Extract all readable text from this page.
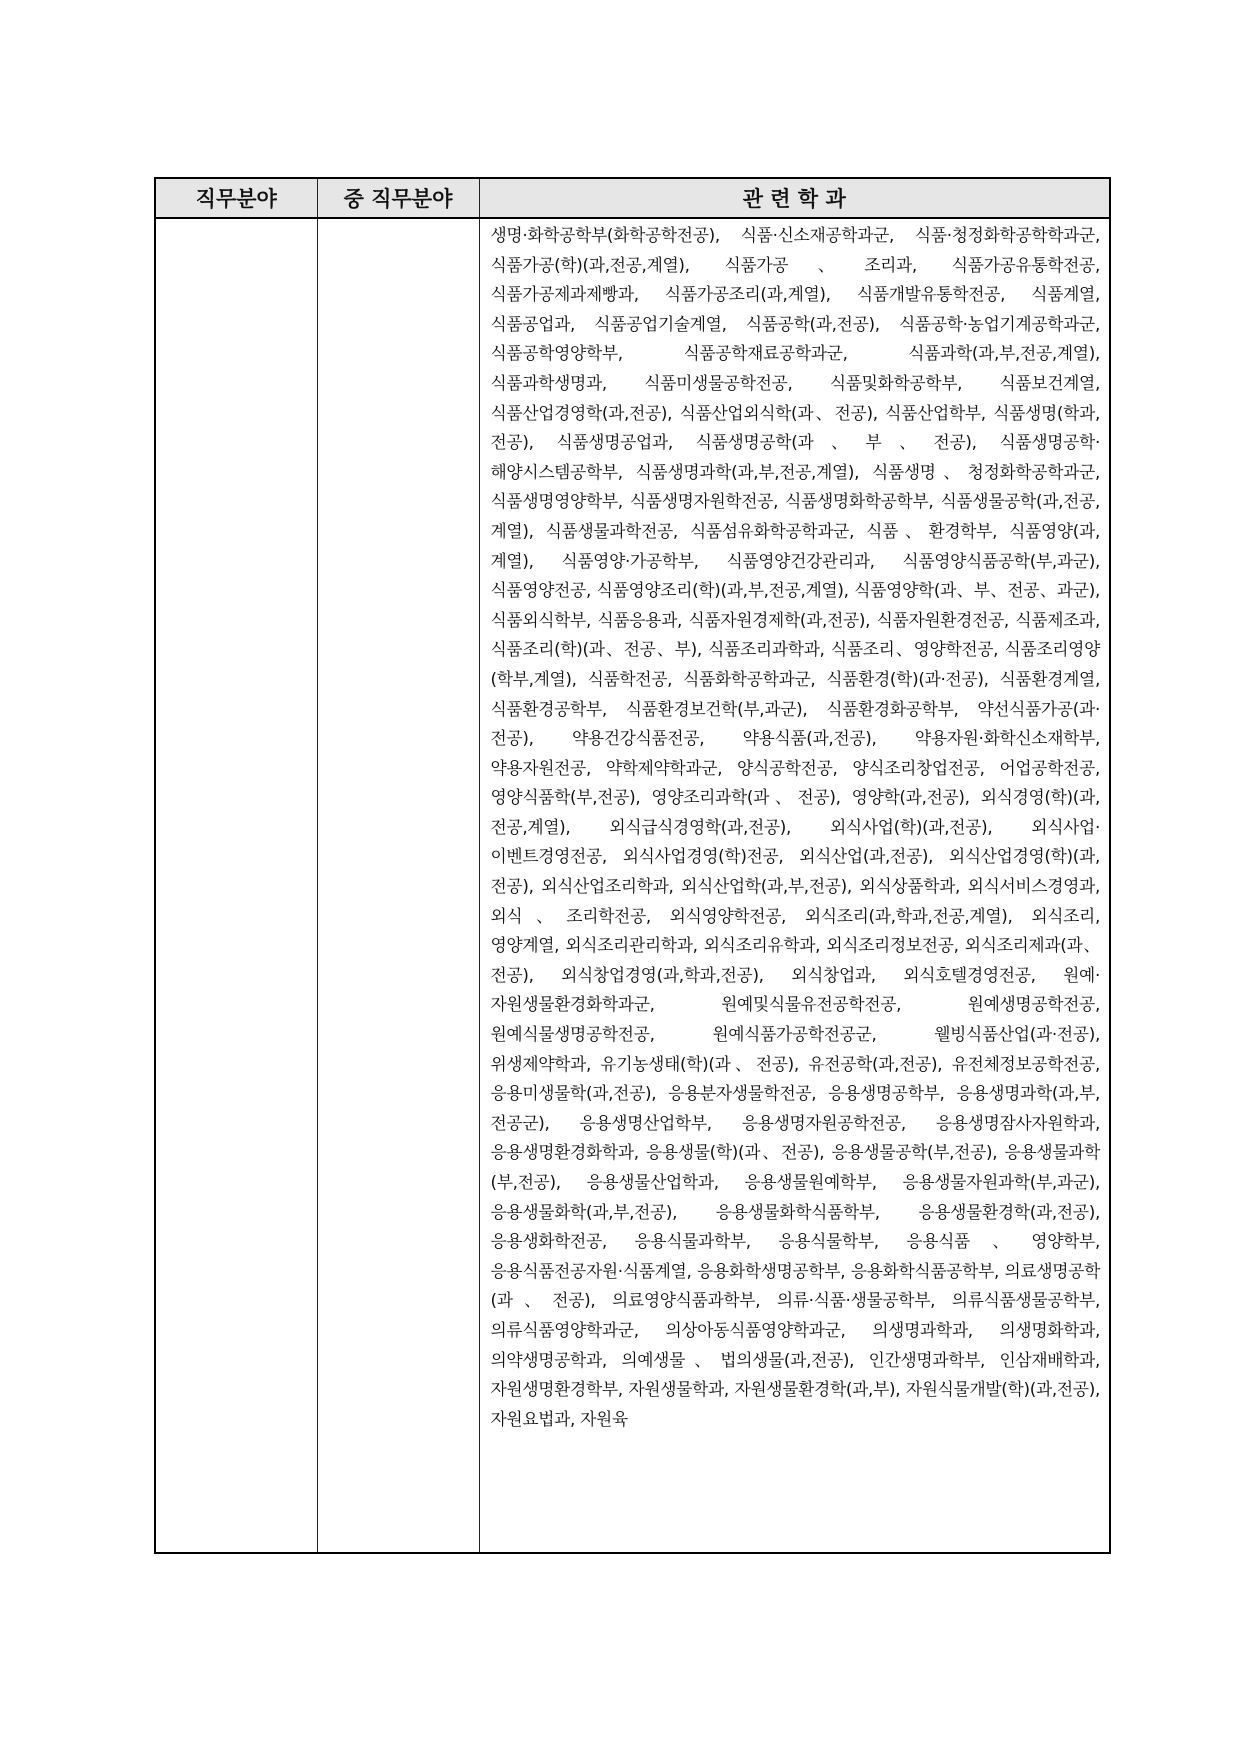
직무분야	중 직무분야	관 련 학 과

		생명·화학공학부(화학공학전공), 식품·신소재공학과군, 식품·청정화학공학학과군, 식품가공(학)(과,전공,계열), 식품가공、조리과, 식품가공유통학전공, 식품가공제과제빵과, 식품가공조리(과,계열), 식품개발유통학전공, 식품계열, 식품공업과, 식품공업기술계열, 식품공학(과,전공), 식품공학·농업기계공학과군, 식품공학영양학부, 식품공학재료공학과군, 식품과학(과,부,전공,계열), 식품과학생명과, 식품미생물공학전공, 식품및화학공학부, 식품보건계열, 식품산업경영학(과,전공), 식품산업외식학(과、전공), 식품산업학부, 식품생명(학과,전공), 식품생명공업과, 식품생명공학(과、부、전공), 식품생명공학·해양시스템공학부, 식품생명과학(과,부,전공,계열), 식품생명、청정화학공학과군, 식품생명영양학부, 식품생명자원학전공, 식품생명화학공학부, 식품생물공학(과,전공,계열), 식품생물과학전공, 식품섬유화학공학과군, 식품、환경학부, 식품영양(과,계열), 식품영양·가공학부, 식품영양건강관리과, 식품영양식품공학(부,과군), 식품영양전공, 식품영양조리(학)(과,부,전공,계열), 식품영양학(과、부、전공、과군), 식품외식학부, 식품응용과, 식품자원경제학(과,전공), 식품자원환경전공, 식품제조과, 식품조리(학)(과、전공、부), 식품조리과학과, 식품조리、영양학전공, 식품조리영양(학부,계열), 식품학전공, 식품화학공학과군, 식품환경(학)(과·전공), 식품환경계열, 식품환경공학부, 식품환경보건학(부,과군), 식품환경화공학부, 약선식품가공(과·전공), 약용건강식품전공, 약용식품(과,전공), 약용자원·화학신소재학부, 약용자원전공, 약학제약학과군, 양식공학전공, 양식조리창업전공, 어업공학전공, 영양식품학(부,전공), 영양조리과학(과、전공), 영양학(과,전공), 외식경영(학)(과,전공,계열), 외식급식경영학(과,전공), 외식사업(학)(과,전공), 외식사업·이벤트경영전공, 외식사업경영(학)전공, 외식산업(과,전공), 외식산업경영(학)(과,전공), 외식산업조리학과, 외식산업학(과,부,전공), 외식상품학과, 외식서비스경영과, 외식、조리학전공, 외식영양학전공, 외식조리(과,학과,전공,계열), 외식조리, 영양계열, 외식조리관리학과, 외식조리유학과, 외식조리정보전공, 외식조리제과(과、전공), 외식창업경영(과,학과,전공), 외식창업과, 외식호텔경영전공, 원예·자원생물환경화학과군, 원예및식물유전공학전공, 원예생명공학전공, 원예식물생명공학전공, 원예식품가공학전공군, 웰빙식품산업(과·전공), 위생제약학과, 유기농생태(학)(과、전공), 유전공학(과,전공), 유전체정보공학전공, 응용미생물학(과,전공), 응용분자생물학전공, 응용생명공학부, 응용생명과학(과,부,전공군), 응용생명산업학부, 응용생명자원공학전공, 응용생명잠사자원학과, 응용생명환경화학과, 응용생물(학)(과、전공), 응용생물공학(부,전공), 응용생물과학(부,전공), 응용생물산업학과, 응용생물원예학부, 응용생물자원과학(부,과군), 응용생물화학(과,부,전공), 응용생물화학식품학부, 응용생물환경학(과,전공), 응용생화학전공, 응용식물과학부, 응용식물학부, 응용식품、영양학부, 응용식품전공자원·식품계열, 응용화학생명공학부, 응용화학식품공학부, 의료생명공학(과、전공), 의료영양식품과학부, 의류·식품·생물공학부, 의류식품생물공학부, 의류식품영양학과군, 의상아동식품영양학과군, 의생명과학과, 의생명화학과, 의약생명공학과, 의예생물、법의생물(과,전공), 인간생명과학부, 인삼재배학과, 자원생명환경학부, 자원생물학과, 자원생물환경학(과,부), 자원식물개발(학)(과,전공), 자원요법과, 자원육
